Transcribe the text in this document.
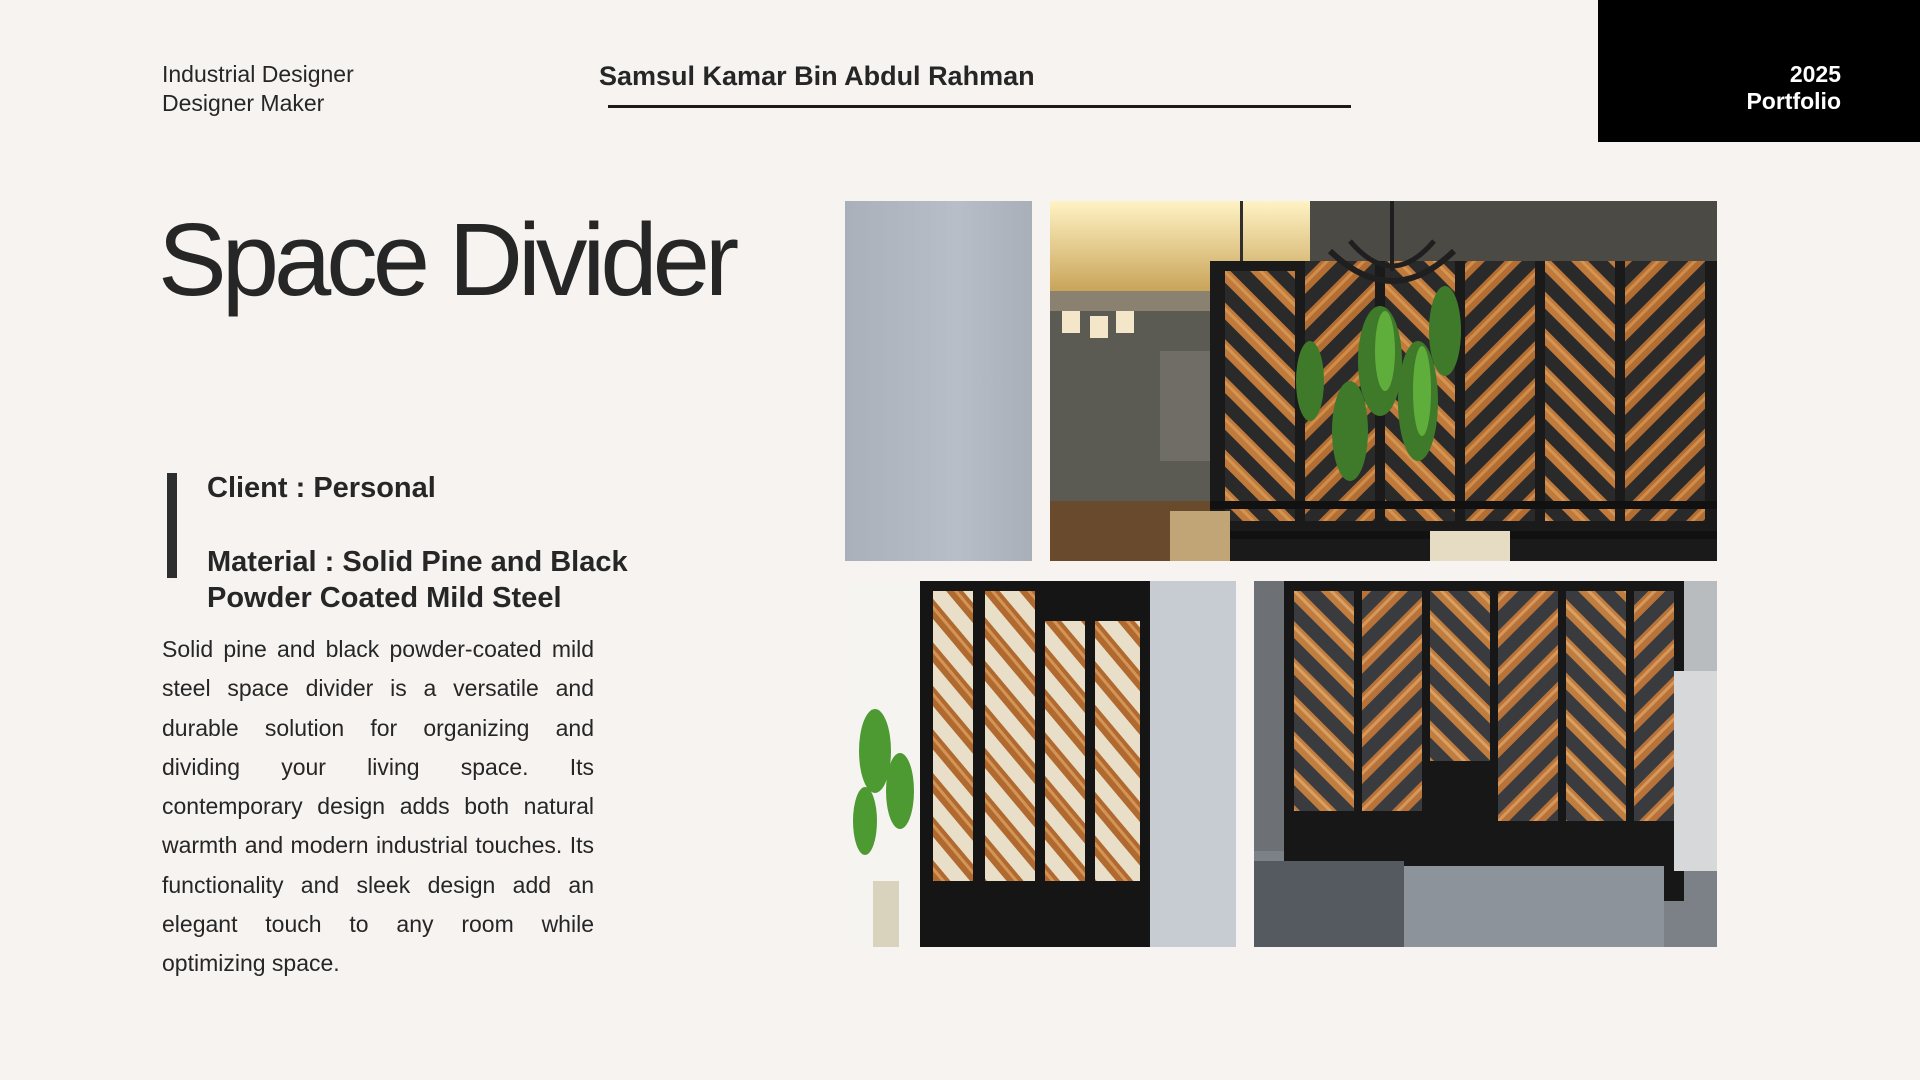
Industrial Designer
Designer Maker
Samsul Kamar Bin Abdul Rahman	2025
Portfolio
Space Divider
Client : Personal
Material : Solid Pine and Black
Powder Coated Mild Steel
Solid pine and black powder-coated mild steel space divider is a versatile and durable solution for organizing and dividing your living space. Its contemporary design adds both natural warmth and modern industrial touches. Its functionality and sleek design add an elegant touch to any room while optimizing space.
